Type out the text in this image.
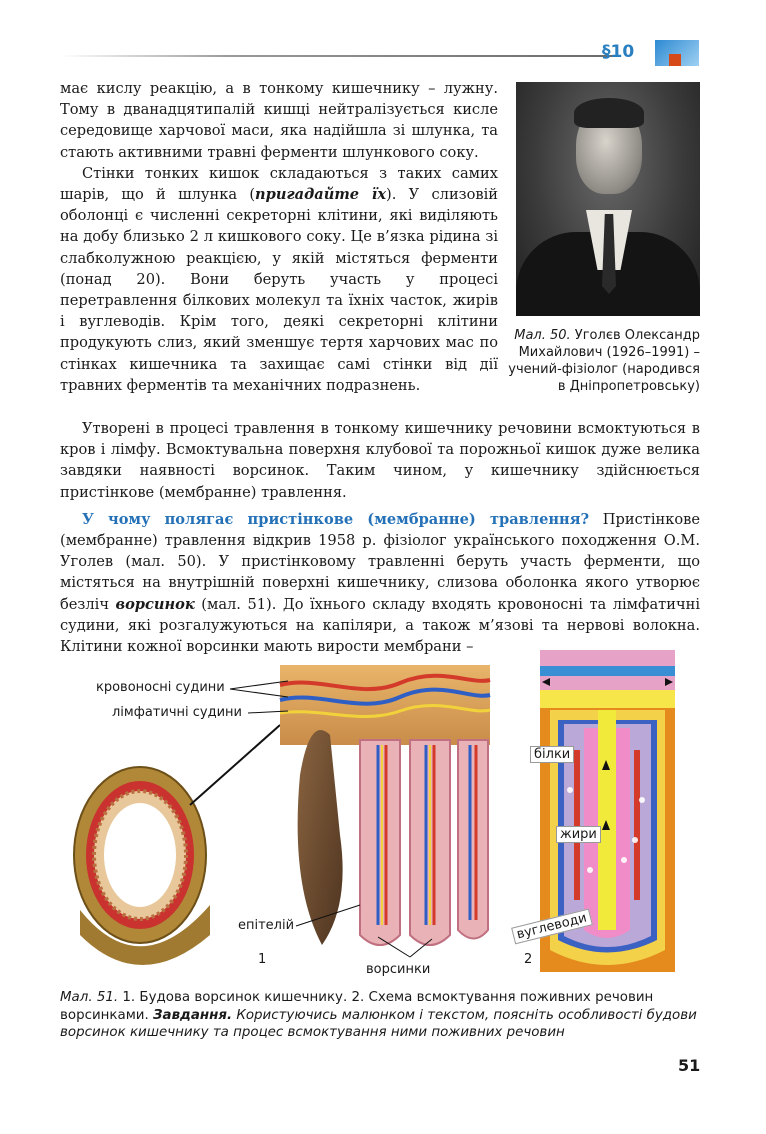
§10

має кислу реакцію, а в тонкому кишечнику – лужну. Тому в дванадцятипалій кишці нейтралізується кисле середовище харчової маси, яка надійшла зі шлунка, та стають активними травні ферменти шлункового соку.

Стінки тонких кишок складаються з таких самих шарів, що й шлунка (пригадайте їх). У слизовій оболонці є численні секреторні клітини, які виділяють на добу близько 2 л кишкового соку. Це в’язка рідина зі слабколужною реакцією, у якій містяться ферменти (понад 20). Вони беруть участь у процесі перетравлення білкових молекул та їхніх часток, жирів і вуглеводів. Крім того, деякі секреторні клітини продукують слиз, який зменшує тертя харчових мас по стінках кишечника та захищає самі стінки від дії травних ферментів та механічних подразнень.

Мал. 50. Уголєв Олександр Михайлович (1926–1991) – учений-фізіолог (народився в Дніпропетровську)

Утворені в процесі травлення в тонкому кишечнику речовини всмоктуються в кров і лімфу. Всмоктувальна поверхня клубової та порожньої кишок дуже велика завдяки наявності ворсинок. Таким чином, у кишечнику здійснюється пристінкове (мембранне) травлення.

У чому полягає пристінкове (мембранне) травлення? Пристінкове (мембранне) травлення відкрив 1958 р. фізіолог українського походження О.М. Уголев (мал. 50). У пристінковому травленні беруть участь ферменти, що містяться на внутрішній поверхні кишечнику, слизова оболонка якого утворює безліч ворсинок (мал. 51). До їхнього складу входять кровоносні та лімфатичні судини, які розгалужуються на капіляри, а також м’язові та нервові волокна. Клітини кожної ворсинки мають вирости мембрани –

кровоносні судини
лімфатичні судини
епітелій
1
ворсинки
2
білки
жири
вуглеводи
Мал. 51. 1. Будова ворсинок кишечнику. 2. Схема всмоктування поживних речовин ворсинками. Завдання. Користуючись малюнком і текстом, поясніть особливості будови ворсинок кишечнику та процес всмоктування ними поживних речовин
51
